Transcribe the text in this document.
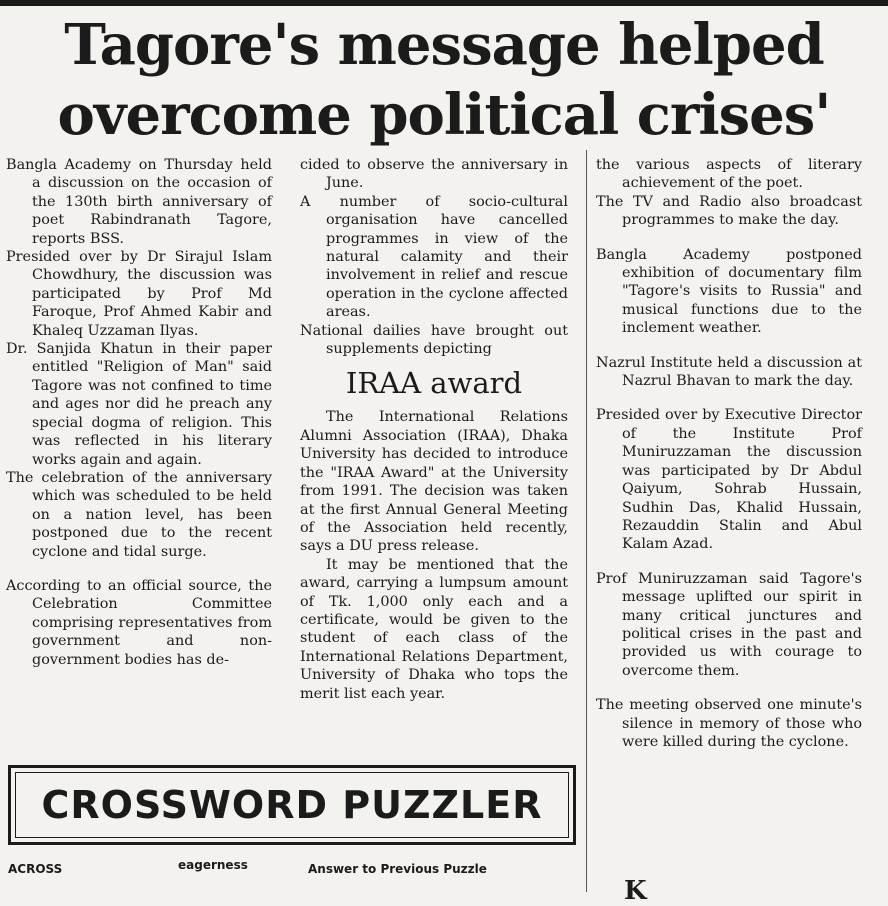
Tagore's message helped
overcome political crises'

Bangla Academy on Thursday held a discussion on the occasion of the 130th birth anniversary of poet Rabindranath Tagore, reports BSS.

Presided over by Dr Sirajul Islam Chowdhury, the discussion was participated by Prof Md Faroque, Prof Ahmed Kabir and Khaleq Uzzaman Ilyas.

Dr. Sanjida Khatun in their paper entitled "Religion of Man" said Tagore was not confined to time and ages nor did he preach any special dogma of religion. This was reflected in his literary works again and again.

The celebration of the anniversary which was scheduled to be held on a nation level, has been postponed due to the recent cyclone and tidal surge.

According to an official source, the Celebration Committee comprising representatives from government and non-government bodies has de-

cided to observe the anniversary in June.

A number of socio-cultural organisation have cancelled programmes in view of the natural calamity and their involvement in relief and rescue operation in the cyclone affected areas.

National dailies have brought out supplements depicting

IRAA award

The International Relations Alumni Association (IRAA), Dhaka University has decided to introduce the "IRAA Award" at the University from 1991. The decision was taken at the first Annual General Meeting of the Association held recently, says a DU press release.

It may be mentioned that the award, carrying a lumpsum amount of Tk. 1,000 only each and a certificate, would be given to the student of each class of the International Relations Department, University of Dhaka who tops the merit list each year.

the various aspects of literary achievement of the poet.

The TV and Radio also broadcast programmes to make the day.

Bangla Academy postponed exhibition of documentary film "Tagore's visits to Russia" and musical functions due to the inclement weather.

Nazrul Institute held a discussion at Nazrul Bhavan to mark the day.

Presided over by Executive Director of the Institute Prof Muniruzzaman the discussion was participated by Dr Abdul Qaiyum, Sohrab Hussain, Sudhin Das, Khalid Hussain, Rezauddin Stalin and Abul Kalam Azad.

Prof Muniruzzaman said Tagore's message uplifted our spirit in many critical junctures and political crises in the past and provided us with courage to overcome them.

The meeting observed one minute's silence in memory of those who were killed during the cyclone.

CROSSWORD PUZZLER
ACROSS	eagerness	Answer to Previous Puzzle
K
